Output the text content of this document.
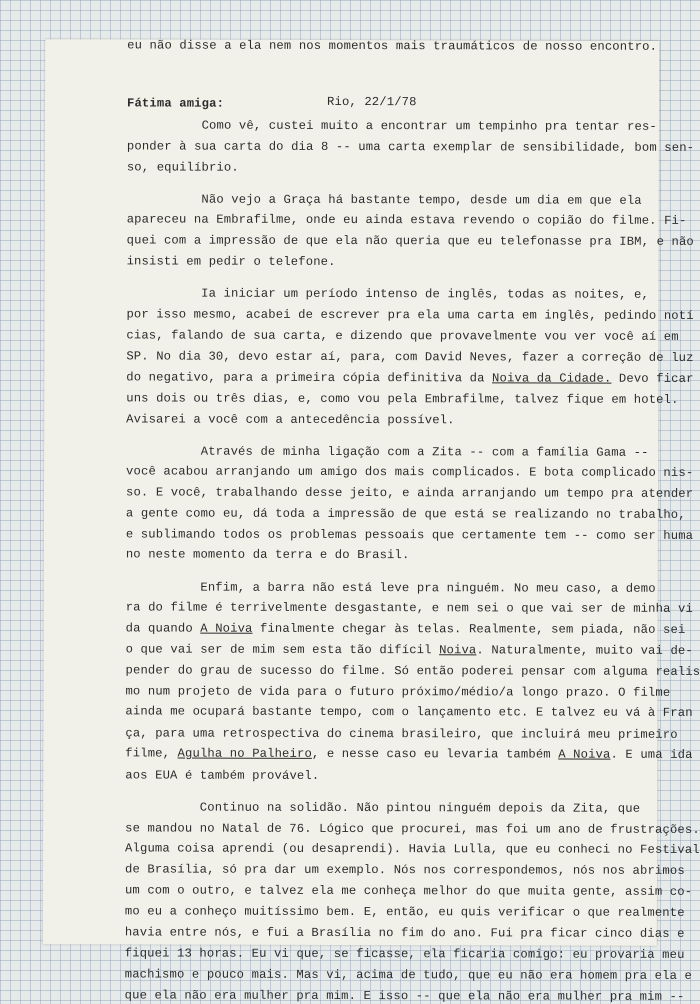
Rio, 22/1/78
Fátima amiga:
Como vê, custei muito a encontrar um tempinho pra tentar res-
ponder à sua carta do dia 8 -- uma carta exemplar de sensibilidade, bom sen-
so, equilíbrio.
Não vejo a Graça há bastante tempo, desde um dia em que ela
apareceu na Embrafilme, onde eu ainda estava revendo o copião do filme. Fi-
quei com a impressão de que ela não queria que eu telefonasse pra IBM, e não
insisti em pedir o telefone.
Ia iniciar um período intenso de inglês, todas as noites, e,
por isso mesmo, acabei de escrever pra ela uma carta em inglês, pedindo notí
cias, falando de sua carta, e dizendo que provavelmente vou ver você aí em
SP. No dia 30, devo estar aí, para, com David Neves, fazer a correção de luz
do negativo, para a primeira cópia definitiva da Noiva da Cidade. Devo ficar
uns dois ou três dias, e, como vou pela Embrafilme, talvez fique em hotel.
Avisarei a você com a antecedência possível.
Através de minha ligação com a Zita -- com a família Gama --
você acabou arranjando um amigo dos mais complicados. E bota complicado nis-
so. E você, trabalhando desse jeito, e ainda arranjando um tempo pra atender
a gente como eu, dá toda a impressão de que está se realizando no trabalho,
e sublimando todos os problemas pessoais que certamente tem -- como ser huma
no neste momento da terra e do Brasil.
Enfim, a barra não está leve pra ninguém. No meu caso, a demo
ra do filme é terrivelmente desgastante, e nem sei o que vai ser de minha vi
da quando A Noiva finalmente chegar às telas. Realmente, sem piada, não sei
o que vai ser de mim sem esta tão difícil Noiva. Naturalmente, muito vai de-
pender do grau de sucesso do filme. Só então poderei pensar com alguma realis
mo num projeto de vida para o futuro próximo/médio/a longo prazo. O filme
ainda me ocupará bastante tempo, com o lançamento etc. E talvez eu vá à Fran
ça, para uma retrospectiva do cinema brasileiro, que incluirá meu primeiro
filme, Agulha no Palheiro, e nesse caso eu levaria também A Noiva. E uma ida
aos EUA é também provável.
Continuo na solidão. Não pintou ninguém depois da Zita, que
se mandou no Natal de 76. Lógico que procurei, mas foi um ano de frustrações.
Alguma coisa aprendi (ou desaprendi). Havia Lulla, que eu conheci no Festival
de Brasília, só pra dar um exemplo. Nós nos correspondemos, nós nos abrimos
um com o outro, e talvez ela me conheça melhor do que muita gente, assim co-
mo eu a conheço muitíssimo bem. E, então, eu quis verificar o que realmente
havia entre nós, e fui a Brasília no fim do ano. Fui pra ficar cinco dias e
fiquei 13 horas. Eu vi que, se ficasse, ela ficaria comigo: eu provaria meu
machismo e pouco mais. Mas vi, acima de tudo, que eu não era homem pra ela e
que ela não era mulher pra mim. E isso -- que ela não era mulher pra mim --
eu não disse a ela nem nos momentos mais traumáticos de nosso encontro.
